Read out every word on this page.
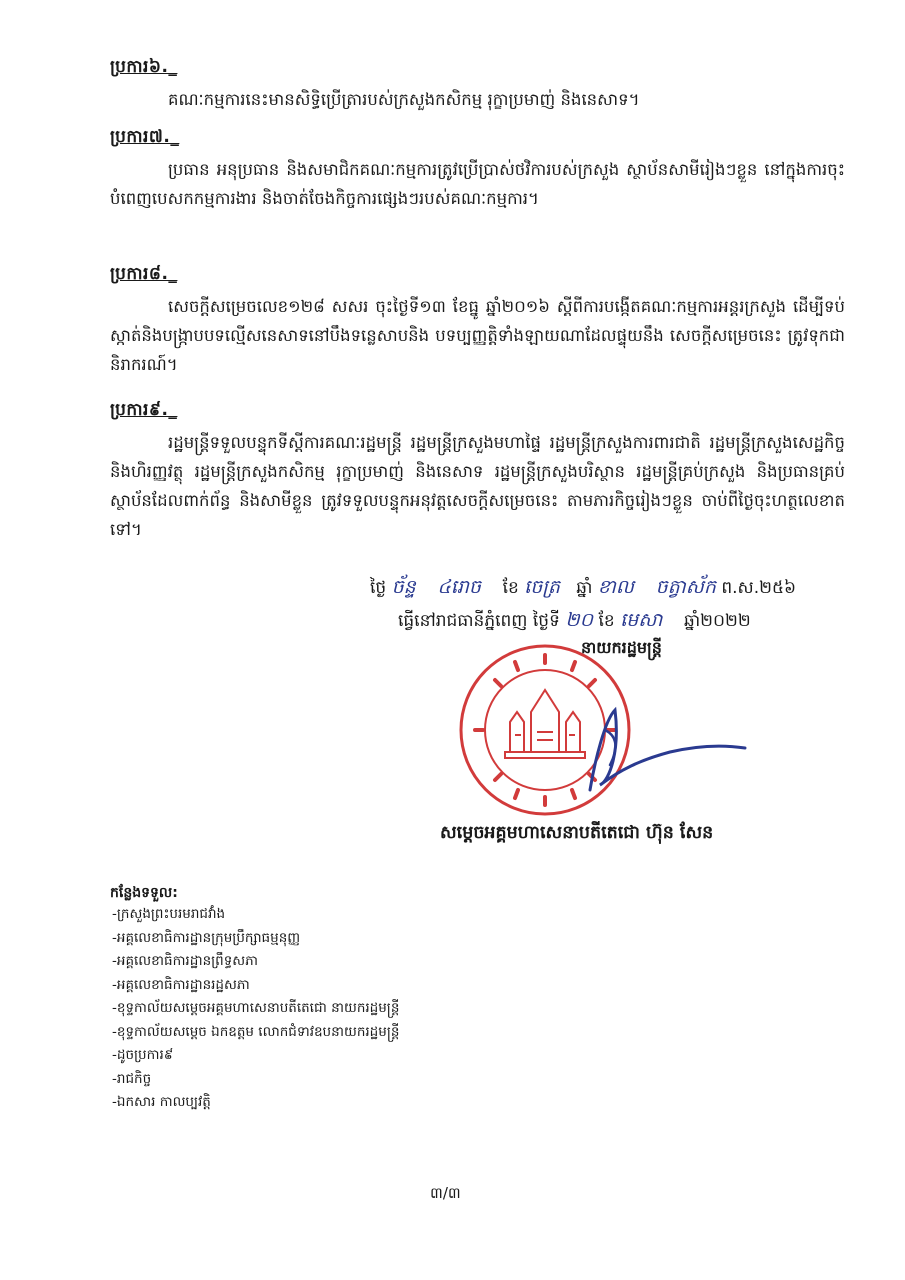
ប្រការ៦._
គណៈកម្មការនេះមានសិទ្ធិប្រើត្រារបស់ក្រសួងកសិកម្ម រុក្ខាប្រមាញ់ និងនេសាទ។
ប្រការ៧._
ប្រធាន អនុប្រធាន និងសមាជិកគណៈកម្មការត្រូវប្រើប្រាស់ថវិការបស់ក្រសួង ស្ថាប័នសាមីរៀងៗខ្លួន នៅក្នុងការចុះបំពេញបេសកកម្មការងារ និងចាត់ចែងកិច្ចការផ្សេងៗរបស់គណៈកម្មការ។
ប្រការ៨._
សេចក្តីសម្រេចលេខ១២៨ សសរ ចុះថ្ងៃទី១៣ ខែធ្នូ ឆ្នាំ២០១៦ ស្តីពីការបង្កើតគណៈកម្មការអន្តរក្រសួង ដើម្បីទប់ស្កាត់និងបង្ក្រាបបទល្មើសនេសាទនៅបឹងទន្លេសាបនិង បទប្បញ្ញត្តិទាំងឡាយណាដែលផ្ទុយនឹង សេចក្តីសម្រេចនេះ ត្រូវទុកជានិរាករណ៍។
ប្រការ៩._
រដ្ឋមន្ត្រីទទួលបន្ទុកទីស្តីការគណៈរដ្ឋមន្ត្រី រដ្ឋមន្ត្រីក្រសួងមហាផ្ទៃ រដ្ឋមន្ត្រីក្រសួងការពារជាតិ រដ្ឋមន្ត្រីក្រសួងសេដ្ឋកិច្ច និងហិរញ្ញវត្ថុ រដ្ឋមន្ត្រីក្រសួងកសិកម្ម រុក្ខាប្រមាញ់ និងនេសាទ រដ្ឋមន្ត្រីក្រសួងបរិស្ថាន រដ្ឋមន្ត្រីគ្រប់ក្រសួង និងប្រធានគ្រប់ស្ថាប័នដែលពាក់ព័ន្ធ និងសាមីខ្លួន ត្រូវទទួលបន្ទុកអនុវត្តសេចក្តីសម្រេចនេះ តាមភារកិច្ចរៀងៗខ្លួន ចាប់ពីថ្ងៃចុះហត្ថលេខាតទៅ។
ថ្ងៃ ច័ន្ទ ៤រោច ខែ ចេត្រ ឆ្នាំ ខាល ចត្វាស័ក ព.ស.២៥៦
ធ្វើនៅរាជធានីភ្នំពេញ ថ្ងៃទី ២០ ខែ មេសា ឆ្នាំ២០២២
នាយករដ្ឋមន្ត្រី
សម្តេចអគ្គមហាសេនាបតីតេជោ ហ៊ុន សែន
កន្លែងទទួល:
-ក្រសួងព្រះបរមរាជវាំង
-អគ្គលេខាធិការដ្ឋានក្រុមប្រឹក្សាធម្មនុញ្ញ
-អគ្គលេខាធិការដ្ឋានព្រឹទ្ធសភា
-អគ្គលេខាធិការដ្ឋានរដ្ឋសភា
-ខុទ្ទកាល័យសម្តេចអគ្គមហាសេនាបតីតេជោ នាយករដ្ឋមន្ត្រី
-ខុទ្ទកាល័យសម្តេច ឯកឧត្តម លោកជំទាវឧបនាយករដ្ឋមន្ត្រី
-ដូចប្រការ៩
-រាជកិច្ច
-ឯកសារ កាលប្បវត្តិ
៣/៣
